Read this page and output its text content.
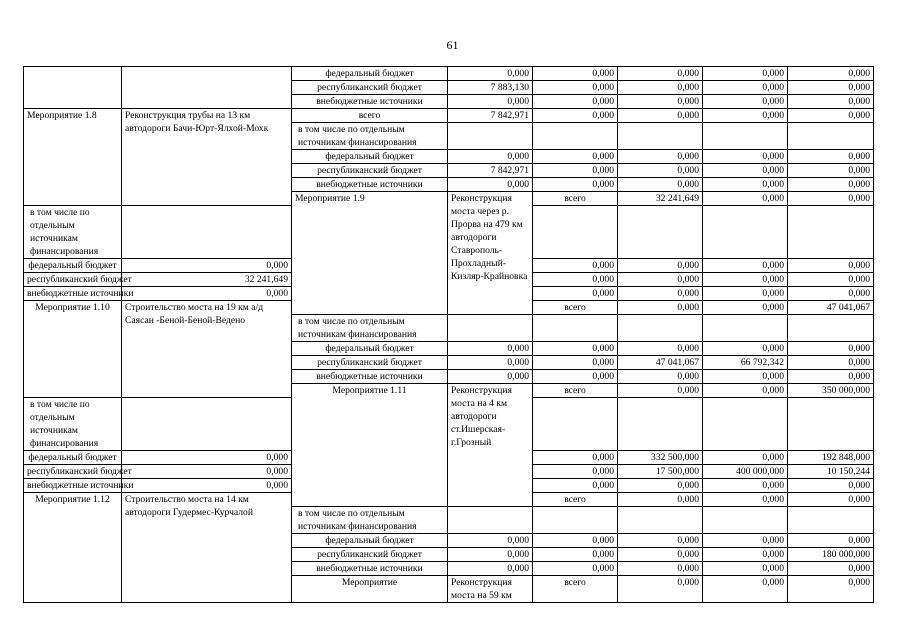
61
		федеральный бюджет	0,000	0,000	0,000	0,000	0,000	
		республиканский бюджет	7 883,130	0,000	0,000	0,000	0,000	
		внебюджетные источники	0,000	0,000	0,000	0,000	0,000	
Мероприятие 1.8	Реконструкция трубы на 13 км автодороги Бачи-Юрт-Ялхой-Мохк	всего	7 842,971	0,000	0,000	0,000	0,000	
		в том числе по отдельным источникам финансирования						
		федеральный бюджет	0,000	0,000	0,000	0,000	0,000	
		республиканский бюджет	7 842,971	0,000	0,000	0,000	0,000	
		внебюджетные источники	0,000	0,000	0,000	0,000	0,000	
		Мероприятие 1.9	Реконструкция моста через р. Прорва на 479 км автодороги Ставрополь-Прохладный-Кизляр-Крайновка	всего	32 241,649	0,000	0,000		
в том числе по отдельным источникам финансирования								
федеральный бюджет	0,000			0,000	0,000	0,000	0,000	
республиканский бюджет	32 241,649			0,000	0,000	0,000	0,000	
внебюджетные источники	0,000			0,000	0,000	0,000	0,000	
Мероприятие 1.10	Строительство моста на 19 км а/д Саясан -Беной-Беной-Ведено			всего	0,000	0,000	47 041,067		
		в том числе по отдельным источникам финансирования						
		федеральный бюджет	0,000	0,000	0,000	0,000	0,000	
		республиканский бюджет	0,000	0,000	47 041,067	66 792,342	0,000	
		внебюджетные источники	0,000	0,000	0,000	0,000	0,000	
		Мероприятие 1.11	Реконструкция моста на 4 км автодороги ст.Ишерская-г.Грозный	всего	0,000	0,000	350 000,000		
в том числе по отдельным источникам финансирования								
федеральный бюджет	0,000			0,000	332 500,000	0,000	192 848,000	
республиканский бюджет	0,000			0,000	17 500,000	400 000,000	10 150,244	
внебюджетные источники	0,000			0,000	0,000	0,000	0,000	
Мероприятие 1.12	Строительство моста на 14 км автодороги Гудермес-Курчалой			всего	0,000	0,000	0,000		
		в том числе по отдельным источникам финансирования						
		федеральный бюджет	0,000	0,000	0,000	0,000	0,000	
		республиканский бюджет	0,000	0,000	0,000	0,000	180 000,000	
		внебюджетные источники	0,000	0,000	0,000	0,000	0,000	
		Мероприятие	Реконструкция моста на 59 км	всего	0,000	0,000	0,000		
